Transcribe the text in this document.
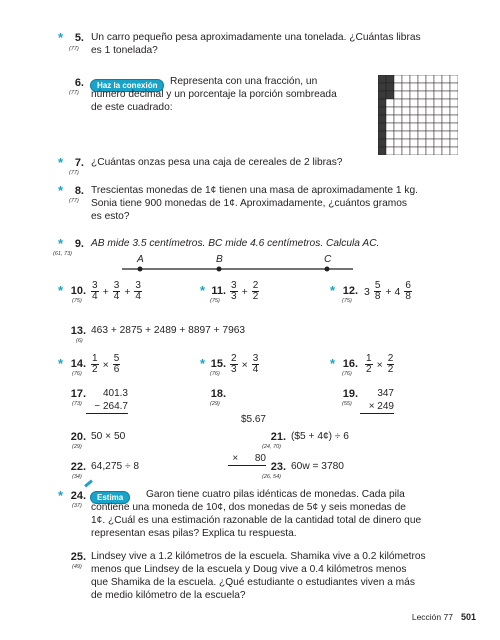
*	5.
(77)
Un carro pequeño pesa aproximadamente una tonelada. ¿Cuántas libras
es 1 tonelada?
6.
(77)
Haz la conexión	Representa con una fracción, un
número decimal y un porcentaje la porción sombreada
de este cuadrado:
*	7.
(77)
¿Cuántas onzas pesa una caja de cereales de 2 libras?
*	8.
(77)
Trescientas monedas de 1¢ tienen una masa de aproximadamente 1 kg.
Sonia tiene 900 monedas de 1¢. Aproximadamente, ¿cuántos gramos
es esto?
*	9.
(61, 73)
AB mide 3.5 centímetros. BC mide 4.6 centímetros. Calcula AC.
A	B	C
* 10.
$(75) \frac{3}{4} + \frac{3}{4} + \frac{3}{4}$	* 11.
$(75) \frac{3}{3} + \frac{2}{2}$	* 12.
(75)
$3 \frac{5}{8} + 4 \frac{6}{8}$
13.
(6)
463 + 2875 + 2489 + 8897 + 7963
* 14.
$(76) \frac{1}{2} \times \frac{5}{6}$	* 15.
$(76) \frac{2}{3} \times \frac{3}{4}$	* 16.
$(76) \frac{1}{2} \times \frac{2}{2}$
17.
(73)
401.3
− 264.7
18.
(29)

$5.67

×      80

19.
(55)
347
× 249
20.
(29)
50 × 50	21.
(24, 70)
($5 + 4¢) ÷ 6
22.
(34)
64,275 ÷ 8	23.
(26, 54)
60w = 3780
* 24.
(37)
Estima	Garon tiene cuatro pilas idénticas de monedas. Cada pila
contiene una moneda de 10¢, dos monedas de 5¢ y seis monedas de
1¢. ¿Cuál es una estimación razonable de la cantidad total de dinero que
representan esas pilas? Explica tu respuesta.
25.
(49)
Lindsey vive a 1.2 kilómetros de la escuela. Shamika vive a 0.2 kilómetros
menos que Lindsey de la escuela y Doug vive a 0.4 kilómetros menos
que Shamika de la escuela. ¿Qué estudiante o estudiantes viven a más
de medio kilómetro de la escuela?
Lección 77 501
